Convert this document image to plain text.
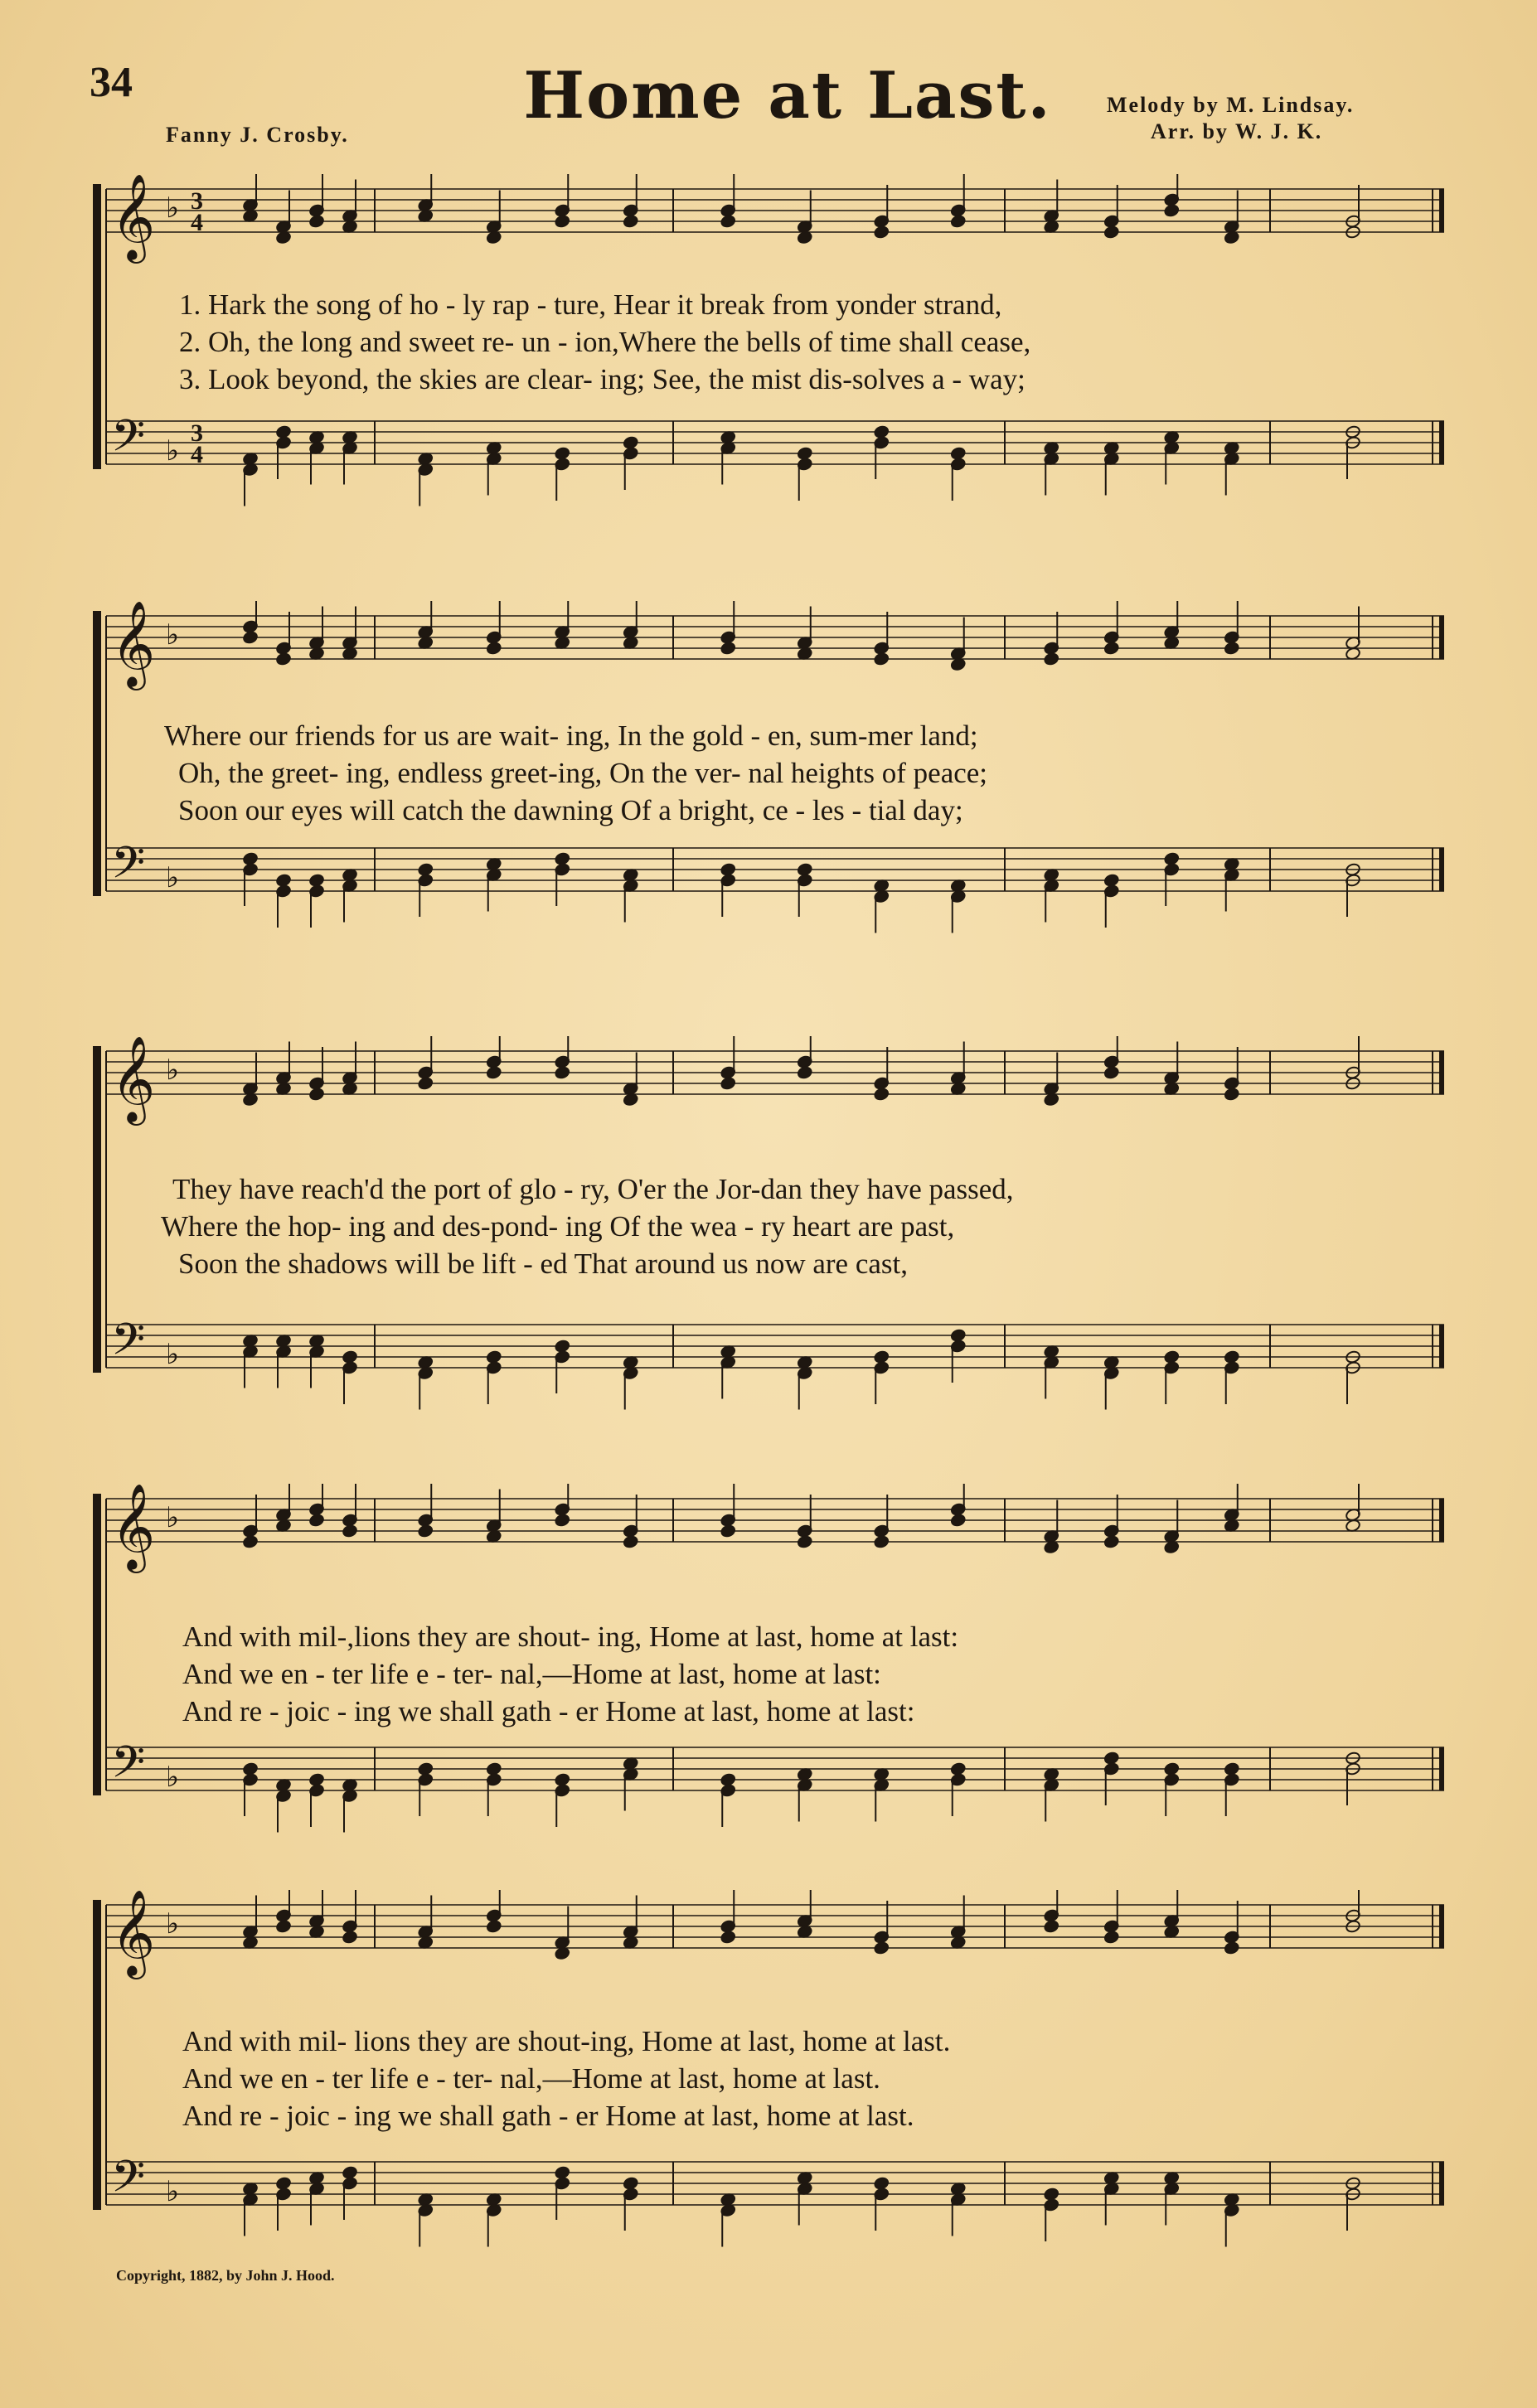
34	Home at Last.
Fanny J. Crosby.
Melody by M. Lindsay.
Arr. by W. J. K.
𝄞 ♭ 3
4
𝄢 ♭
3
4
1. Hark the song of ho - ly rap - ture, Hear it break from yonder strand,
2. Oh, the long and sweet re- un - ion,Where the bells of time shall cease,
3. Look beyond, the skies are clear- ing; See, the mist dis-solves a - way;
𝄞 ♭
𝄢 ♭
Where our friends for us are wait- ing, In the gold - en, sum-mer land;
Oh, the greet- ing, endless greet-ing, On the ver- nal heights of peace;
Soon our eyes will catch the dawning Of a bright, ce - les - tial day;
𝄞 ♭
𝄢 ♭
They have reach'd the port of glo - ry, O'er the Jor-dan they have passed,
Where the hop- ing and des-pond- ing Of the wea - ry heart are past,
Soon the shadows will be lift - ed That around us now are cast,
𝄞 ♭
𝄢 ♭
And with mil-,lions they are shout- ing, Home at last, home at last:
And we en - ter life e - ter- nal,—Home at last, home at last:
And re - joic - ing we shall gath - er Home at last, home at last:
𝄞 ♭
𝄢 ♭
And with mil- lions they are shout-ing, Home at last, home at last.
And we en - ter life e - ter- nal,—Home at last, home at last.
And re - joic - ing we shall gath - er Home at last, home at last.
Copyright, 1882, by John J. Hood.
